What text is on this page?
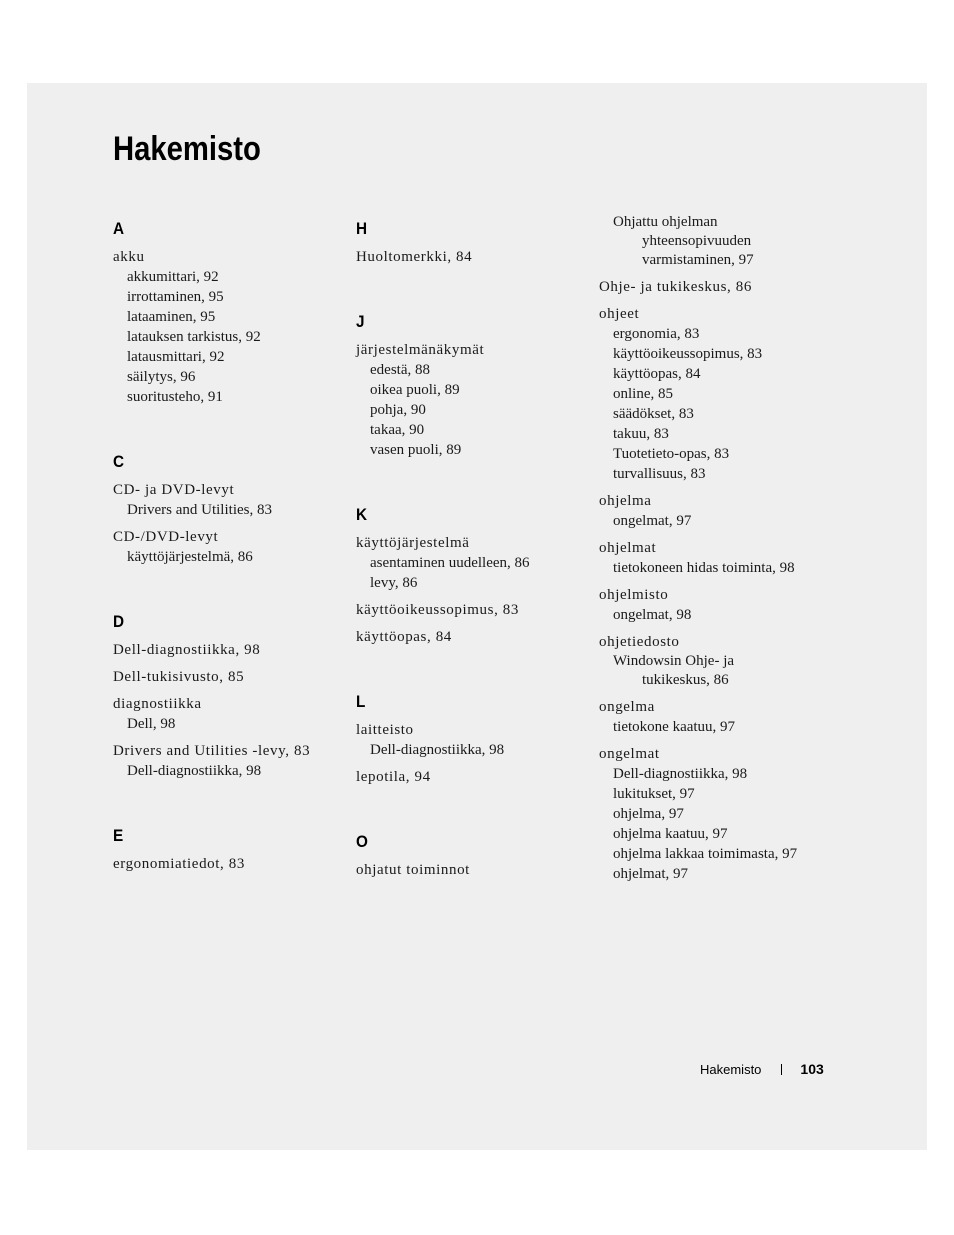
Hakemisto
A
akku
akkumittari, 92
irrottaminen, 95
lataaminen, 95
latauksen tarkistus, 92
latausmittari, 92
säilytys, 96
suoritusteho, 91
C
CD- ja DVD-levyt
Drivers and Utilities, 83
CD-/DVD-levyt
käyttöjärjestelmä, 86
D
Dell-diagnostiikka, 98
Dell-tukisivusto, 85
diagnostiikka
Dell, 98
Drivers and Utilities -levy, 83
Dell-diagnostiikka, 98
E
ergonomiatiedot, 83
H
Huoltomerkki, 84
J
järjestelmänäkymät
edestä, 88
oikea puoli, 89
pohja, 90
takaa, 90
vasen puoli, 89
K
käyttöjärjestelmä
asentaminen uudelleen, 86
levy, 86
käyttöoikeussopimus, 83
käyttöopas, 84
L
laitteisto
Dell-diagnostiikka, 98
lepotila, 94
O
ohjatut toiminnot
Ohjattu ohjelman
yhteensopivuuden
varmistaminen, 97
Ohje- ja tukikeskus, 86
ohjeet
ergonomia, 83
käyttöoikeussopimus, 83
käyttöopas, 84
online, 85
säädökset, 83
takuu, 83
Tuotetieto-opas, 83
turvallisuus, 83
ohjelma
ongelmat, 97
ohjelmat
tietokoneen hidas toiminta, 98
ohjelmisto
ongelmat, 98
ohjetiedosto
Windowsin Ohje- ja
tukikeskus, 86
ongelma
tietokone kaatuu, 97
ongelmat
Dell-diagnostiikka, 98
lukitukset, 97
ohjelma, 97
ohjelma kaatuu, 97
ohjelma lakkaa toimimasta, 97
ohjelmat, 97
Hakemisto	103
